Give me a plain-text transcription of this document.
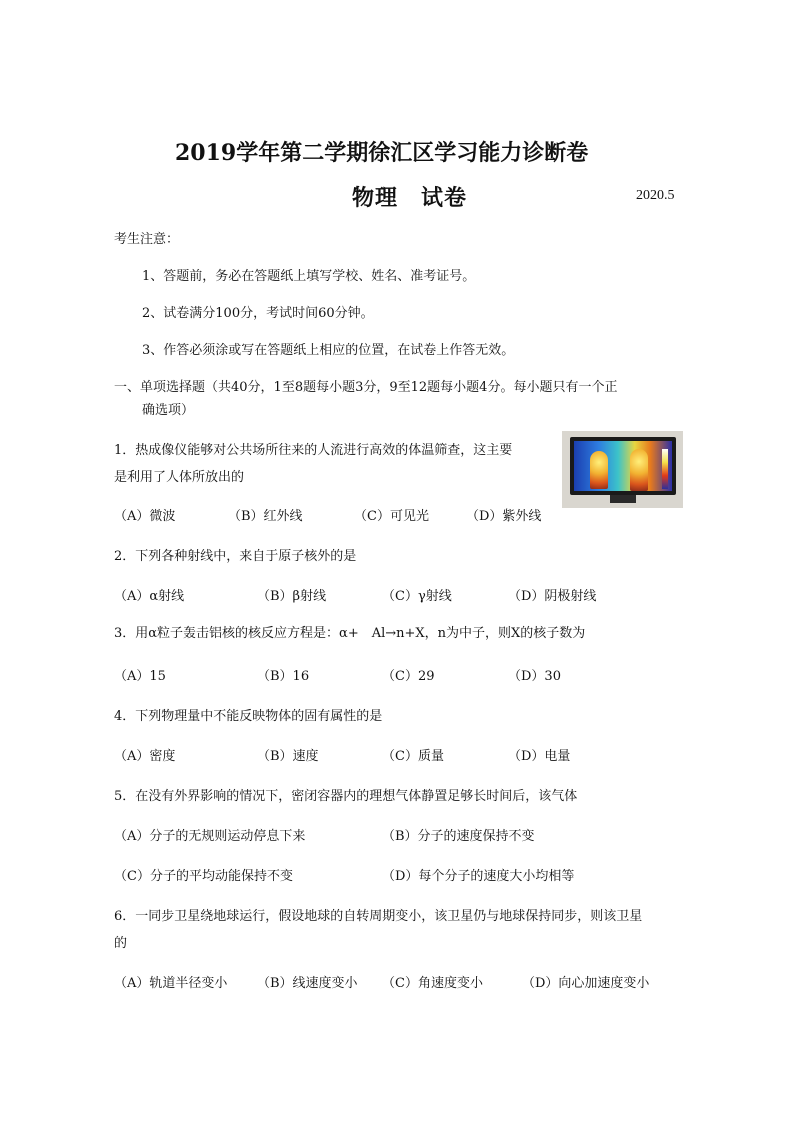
2019学年第二学期徐汇区学习能力诊断卷
物理　试卷	2020.5
考生注意：
1、答题前，务必在答题纸上填写学校、姓名、准考证号。
2、试卷满分100分，考试时间60分钟。
3、作答必须涂或写在答题纸上相应的位置，在试卷上作答无效。
一、单项选择题（共40分，1至8题每小题3分，9至12题每小题4分。每小题只有一个正
确选项）
1．热成像仪能够对公共场所往来的人流进行高效的体温筛查，这主要
是利用了人体所放出的
（A）微波	（B）红外线	（C）可见光	（D）紫外线
2．下列各种射线中，来自于原子核外的是
（A）α射线	（B）β射线	（C）γ射线	（D）阴极射线
3．用α粒子轰击铝核的核反应方程是：α+　Al→n+X，n为中子，则X的核子数为
（A）15	（B）16	（C）29	（D）30
4．下列物理量中不能反映物体的固有属性的是
（A）密度	（B）速度	（C）质量	（D）电量
5．在没有外界影响的情况下，密闭容器内的理想气体静置足够长时间后，该气体
（A）分子的无规则运动停息下来	（B）分子的速度保持不变
（C）分子的平均动能保持不变	（D）每个分子的速度大小均相等
6．一同步卫星绕地球运行，假设地球的自转周期变小，该卫星仍与地球保持同步，则该卫星
的
（A）轨道半径变小 （B）线速度变小 （C）角速度变小	（D）向心加速度变小
